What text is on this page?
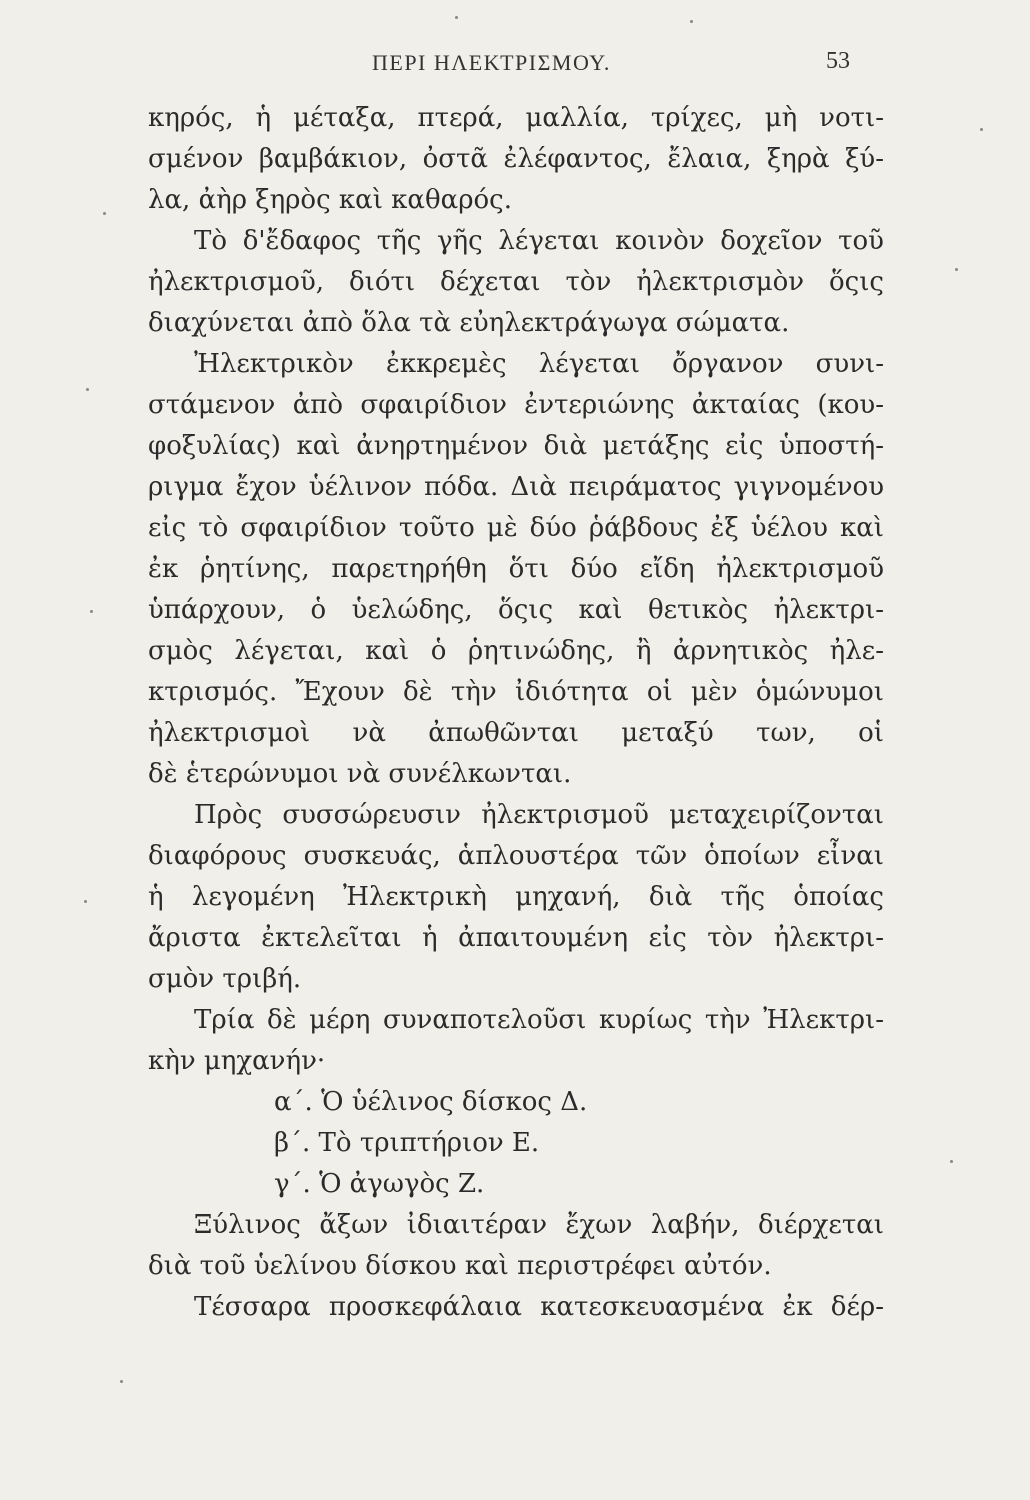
ΠΕΡΙ ΗΛΕΚΤΡΙΣΜΟΥ.	53
κηρός, ἡ μέταξα, πτερά, μαλλία, τρίχες, μὴ νοτι-
σμένον βαμβάκιον, ὀστᾶ ἐλέφαντος, ἔλαια, ξηρὰ ξύ-
λα, ἀὴρ ξηρὸς καὶ καθαρός.
Τὸ δ'ἔδαφος τῆς γῆς λέγεται κοινὸν δοχεῖον τοῦ
ἠλεκτρισμοῦ, διότι δέχεται τὸν ἠλεκτρισμὸν ὅςις
διαχύνεται ἀπὸ ὅλα τὰ εὐηλεκτράγωγα σώματα.
Ἠλεκτρικὸν ἐκκρεμὲς λέγεται ὄργανον συνι-
στάμενον ἀπὸ σφαιρίδιον ἐντεριώνης ἀκταίας (κου-
φοξυλίας) καὶ ἀνηρτημένον διὰ μετάξης εἰς ὑποστή-
ριγμα ἔχον ὑέλινον πόδα. Διὰ πειράματος γιγνομένου
εἰς τὸ σφαιρίδιον τοῦτο μὲ δύο ῥάβδους ἐξ ὑέλου καὶ
ἐκ ῥητίνης, παρετηρήθη ὅτι δύο εἴδη ἠλεκτρισμοῦ
ὑπάρχουν, ὁ ὑελώδης, ὅςις καὶ θετικὸς ἠλεκτρι-
σμὸς λέγεται, καὶ ὁ ῥητινώδης, ἢ ἀρνητικὸς ἠλε-
κτρισμός. Ἔχουν δὲ τὴν ἰδιότητα οἱ μὲν ὁμώνυμοι
ἠλεκτρισμοὶ νὰ ἀπωθῶνται μεταξύ των, οἱ
δὲ ἑτερώνυμοι νὰ συνέλκωνται.
Πρὸς συσσώρευσιν ἠλεκτρισμοῦ μεταχειρίζονται
διαφόρους συσκευάς, ἁπλουστέρα τῶν ὁποίων εἶναι
ἡ λεγομένη Ἠλεκτρικὴ μηχανή, διὰ τῆς ὁποίας
ἄριστα ἐκτελεῖται ἡ ἀπαιτουμένη εἰς τὸν ἠλεκτρι-
σμὸν τριβή.
Τρία δὲ μέρη συναποτελοῦσι κυρίως τὴν Ἠλεκτρι-
κὴν μηχανήν·
α΄. Ὁ ὑέλινος δίσκος Δ.
β΄. Τὸ τριπτήριον Ε.
γ΄. Ὁ ἀγωγὸς Ζ.
Ξύλινος ἄξων ἰδιαιτέραν ἔχων λαβήν, διέρχεται
διὰ τοῦ ὑελίνου δίσκου καὶ περιστρέφει αὐτόν.
Τέσσαρα προσκεφάλαια κατεσκευασμένα ἐκ δέρ-
